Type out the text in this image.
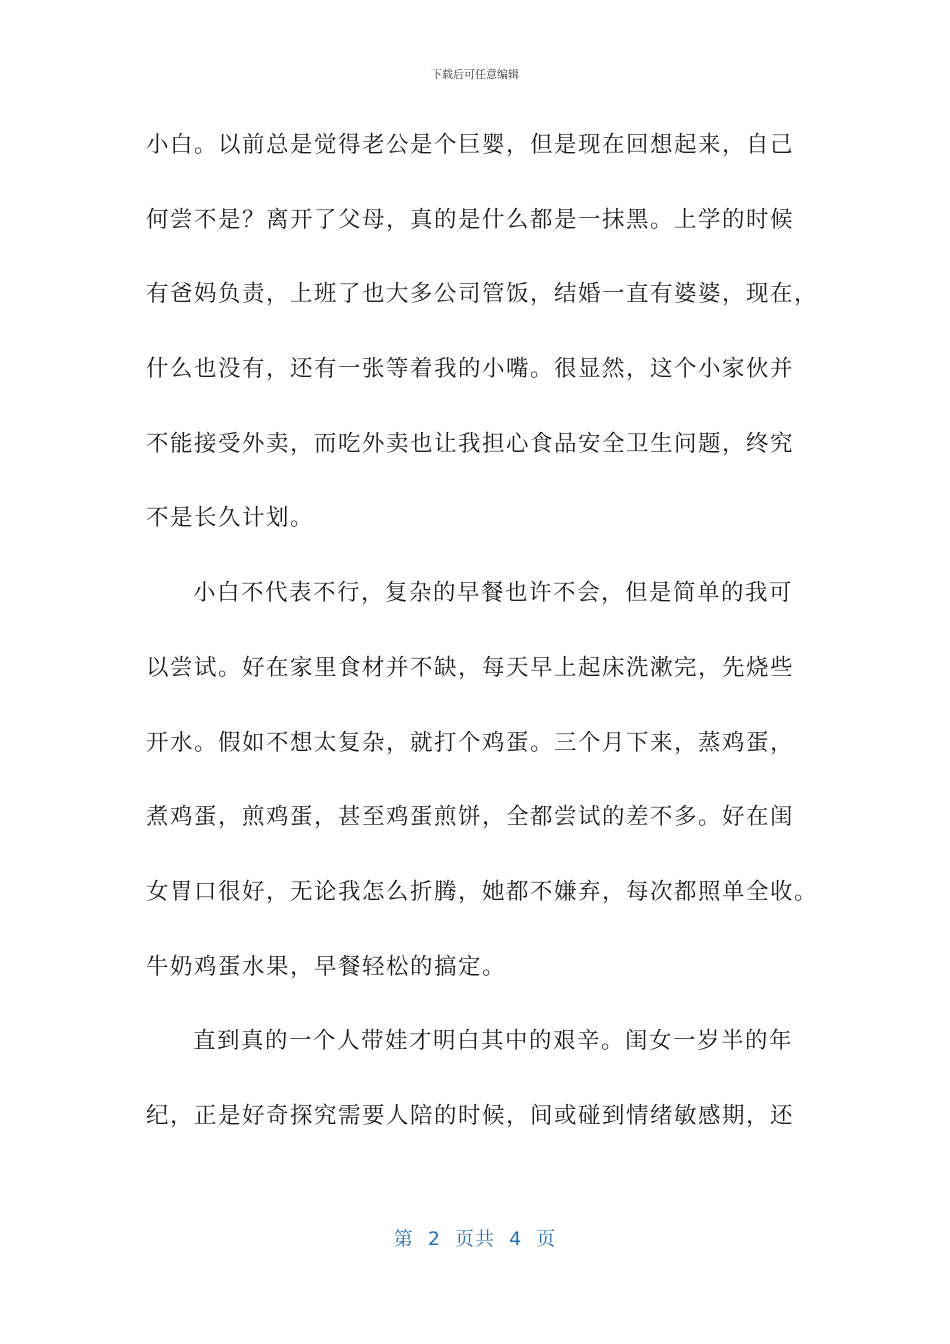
下载后可任意编辑
小白。以前总是觉得老公是个巨婴，但是现在回想起来，自己
何尝不是？离开了父母，真的是什么都是一抹黑。上学的时候
有爸妈负责，上班了也大多公司管饭，结婚一直有婆婆，现在，
什么也没有，还有一张等着我的小嘴。很显然，这个小家伙并
不能接受外卖，而吃外卖也让我担心食品安全卫生问题，终究
不是长久计划。
小白不代表不行，复杂的早餐也许不会，但是简单的我可
以尝试。好在家里食材并不缺，每天早上起床洗漱完，先烧些
开水。假如不想太复杂，就打个鸡蛋。三个月下来，蒸鸡蛋，
煮鸡蛋，煎鸡蛋，甚至鸡蛋煎饼，全都尝试的差不多。好在闺
女胃口很好，无论我怎么折腾，她都不嫌弃，每次都照单全收。
牛奶鸡蛋水果，早餐轻松的搞定。
直到真的一个人带娃才明白其中的艰辛。闺女一岁半的年
纪，正是好奇探究需要人陪的时候，间或碰到情绪敏感期，还
第  2  页共  4  页
